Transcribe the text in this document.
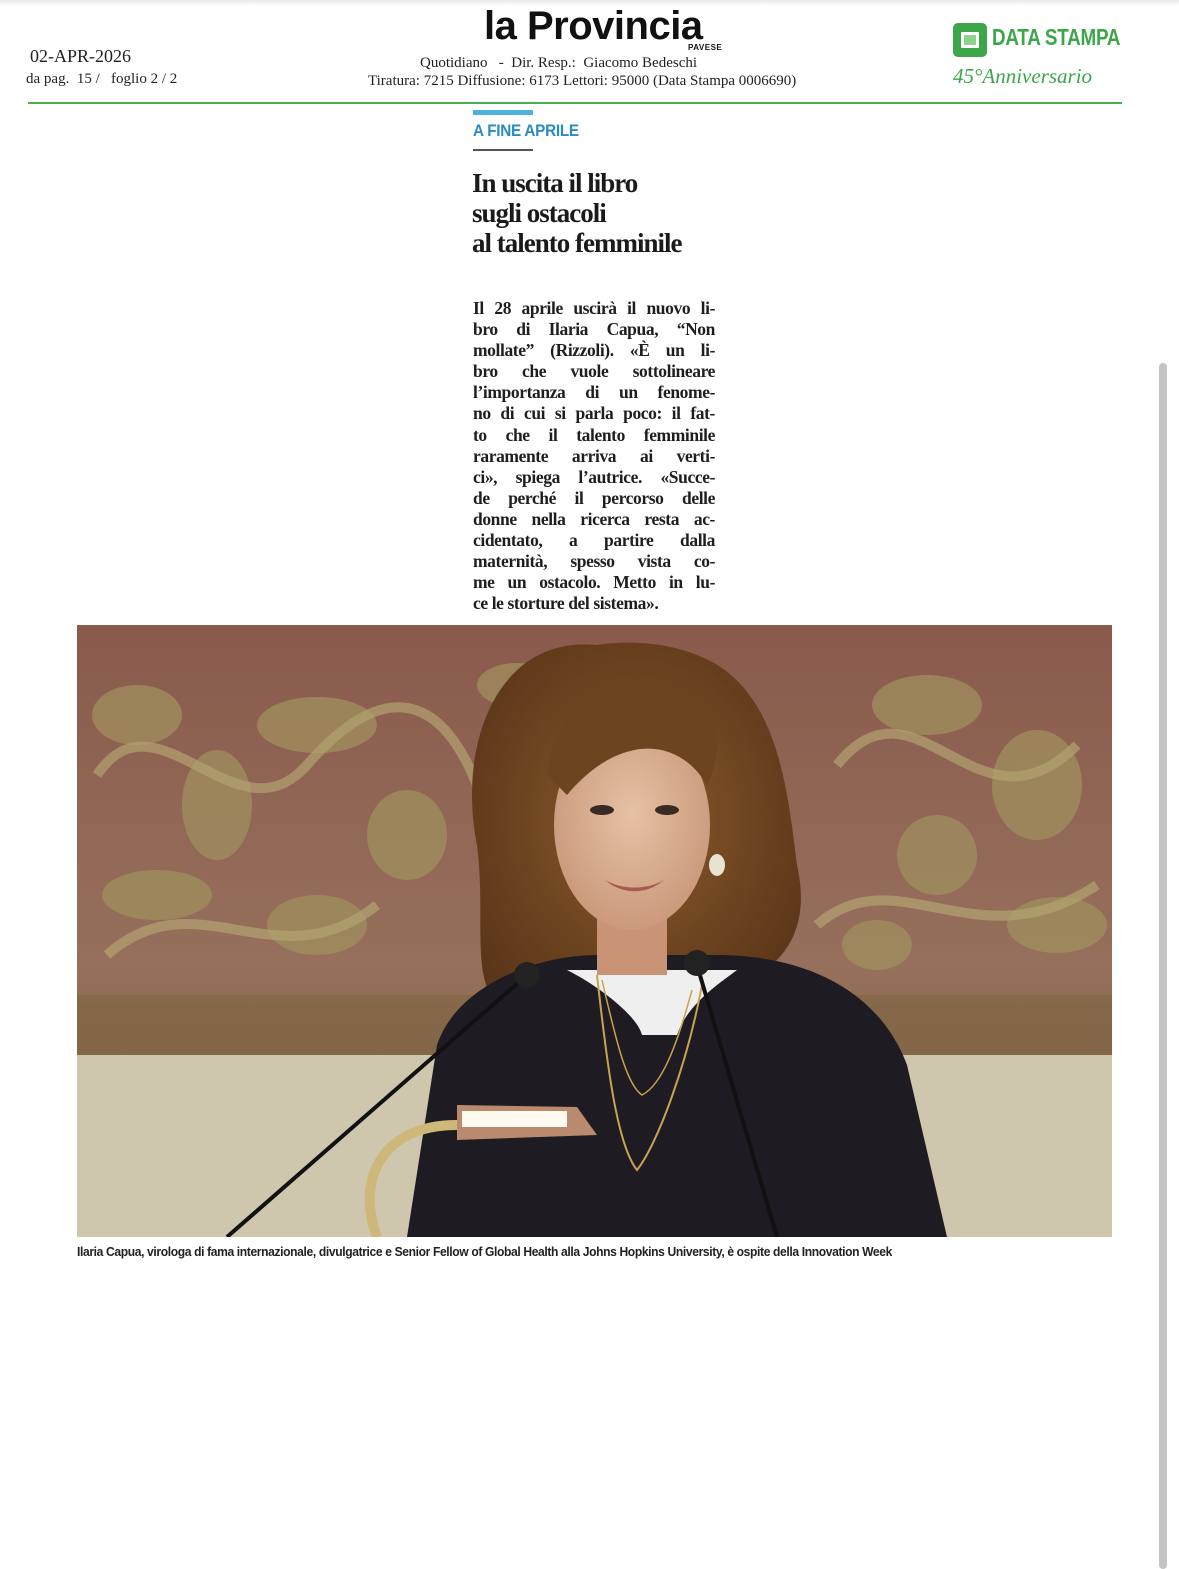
02-APR-2026
da pag.  15 /   foglio 2 / 2
la Provincia
PAVESE
Quotidiano   -  Dir. Resp.:  Giacomo Bedeschi
Tiratura: 7215 Diffusione: 6173 Lettori: 95000 (Data Stampa 0006690)
DATA STAMPA
45°Anniversario
A FINE APRILE
In uscita il libro
sugli ostacoli
al talento femminile
Il 28 aprile uscirà il nuovo li-
bro di Ilaria Capua, “Non
mollate” (Rizzoli). «È un li-
bro che vuole sottolineare
l’importanza di un fenome-
no di cui si parla poco: il fat-
to che il talento femminile
raramente arriva ai verti-
ci», spiega l’autrice. «Succe-
de perché il percorso delle
donne nella ricerca resta ac-
cidentato, a partire dalla
maternità, spesso vista co-
me un ostacolo. Metto in lu-
ce le storture del sistema».
Ilaria Capua, virologa di fama internazionale, divulgatrice e Senior Fellow of Global Health alla Johns Hopkins University, è ospite della Innovation Week
